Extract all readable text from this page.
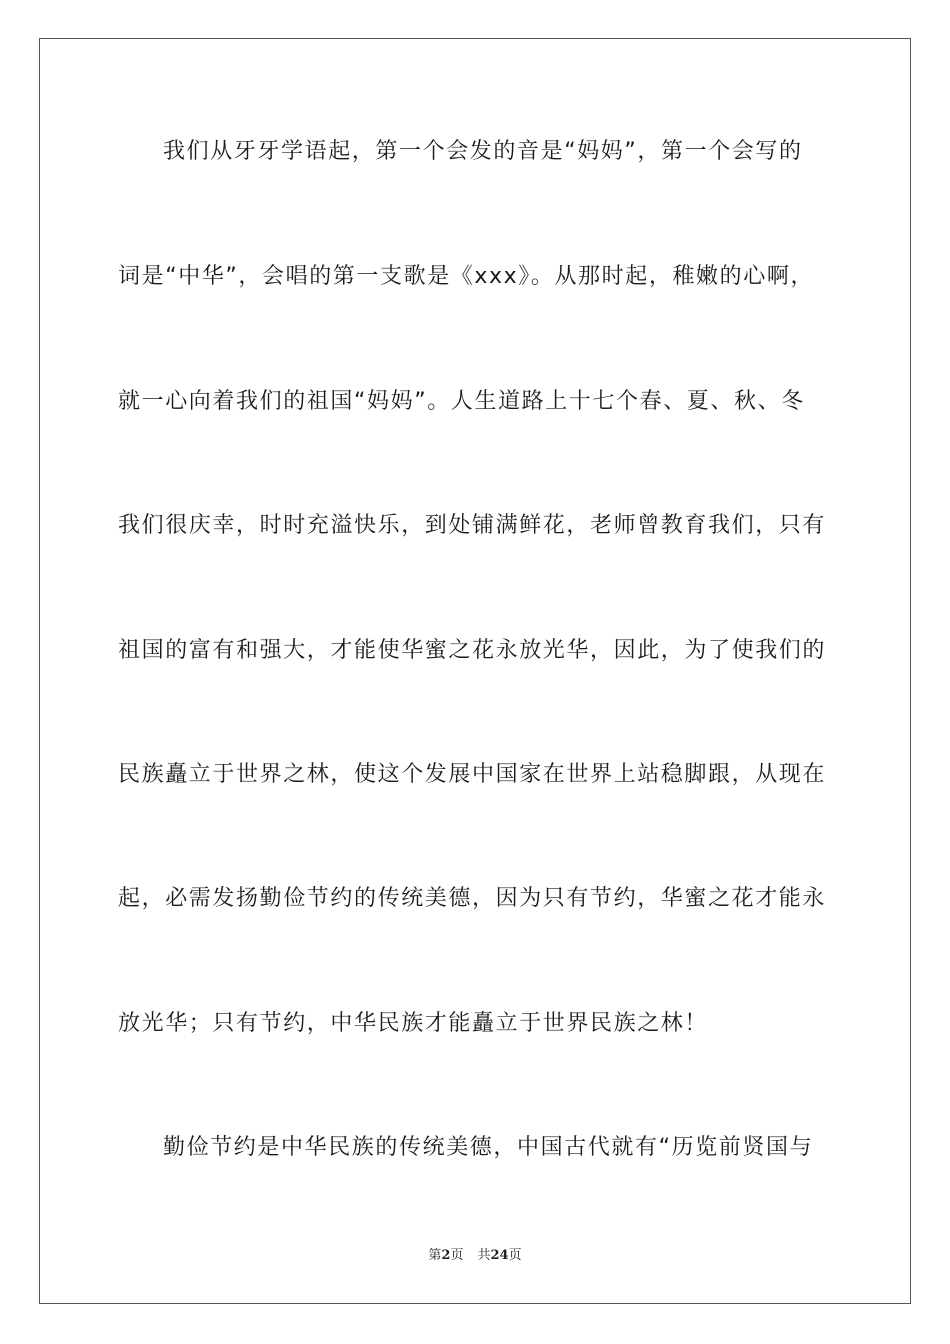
我们从牙牙学语起，第一个会发的音是“妈妈”，第一个会写的
词是“中华”，会唱的第一支歌是《xxx》。从那时起，稚嫩的心啊，
就一心向着我们的祖国“妈妈”。人生道路上十七个春、夏、秋、冬
我们很庆幸，时时充溢快乐，到处铺满鲜花，老师曾教育我们，只有
祖国的富有和强大，才能使华蜜之花永放光华，因此，为了使我们的
民族矗立于世界之林，使这个发展中国家在世界上站稳脚跟，从现在
起，必需发扬勤俭节约的传统美德，因为只有节约，华蜜之花才能永
放光华；只有节约，中华民族才能矗立于世界民族之林！
勤俭节约是中华民族的传统美德，中国古代就有“历览前贤国与
第2页 共24页
